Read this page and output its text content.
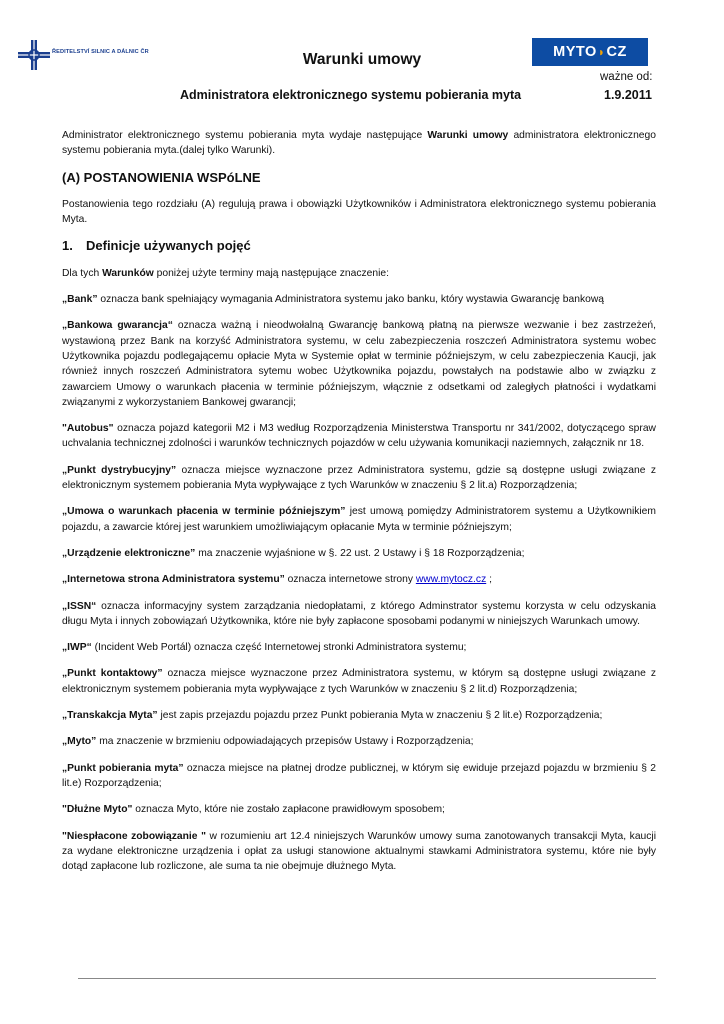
ŘEDITELSTVÍ SILNIC A DÁLNIC ČR	MYTO◗CZ
Warunki umowy
ważne od:
Administratora elektronicznego systemu pobierania myta	1.9.2011

Administrator elektronicznego systemu pobierania myta wydaje następujące Warunki umowy administratora elektronicznego systemu pobierania myta.(dalej tylko Warunki).

(A) POSTANOWIENIA WSPóLNE

Postanowienia tego rozdziału (A) regulują prawa i obowiązki Użytkowników i Administratora elektronicznego systemu pobierania Myta.

1. Definicje używanych pojęć

Dla tych Warunków poniżej użyte terminy mają następujące znaczenie:

„Bank” oznacza bank spełniający wymagania Administratora systemu jako banku, który wystawia Gwarancję bankową

„Bankowa gwarancja“ oznacza ważną i nieodwołalną Gwarancję bankową płatną na pierwsze wezwanie i bez zastrzeżeń, wystawioną przez Bank na korzyść Administratora systemu, w celu zabezpieczenia roszczeń Administratora systemu wobec Użytkownika pojazdu podlegającemu opłacie Myta w Systemie opłat w terminie późniejszym, w celu zabezpieczenia Kaucji, jak również innych roszczeń Administratora sytemu wobec Użytkownika pojazdu, powstałych na podstawie albo w związku z zawarciem Umowy o warunkach płacenia w terminie późniejszym, włącznie z odsetkami od zaległych płatności i wydatkami związanymi z wykorzystaniem Bankowej gwarancji;

"Autobus" oznacza pojazd kategorii M2 i M3 według Rozporządzenia Ministerstwa Transportu nr 341/2002, dotyczącego spraw uchvalania technicznej zdolności i warunków technicznych pojazdów w celu używania komunikacji naziemnych, załącznik nr 18.

„Punkt dystrybucyjny” oznacza miejsce wyznaczone przez Administratora systemu, gdzie są dostępne usługi związane z elektronicznym systemem pobierania Myta wypływające z tych Warunków w znaczeniu § 2 lit.a) Rozporządzenia;

„Umowa o warunkach płacenia w terminie późniejszym” jest umową pomiędzy Administratorem systemu a Użytkownikiem pojazdu, a zawarcie której jest warunkiem umożliwiającym opłacanie Myta w terminie późniejszym;

„Urządzenie elektroniczne” ma znaczenie wyjaśnione w §. 22 ust. 2 Ustawy i § 18 Rozporządzenia;

„Internetowa strona Administratora systemu” oznacza internetowe strony www.mytocz.cz ;

„ISSN“ oznacza informacyjny system zarządzania niedopłatami, z którego Adminstrator systemu korzysta w celu odzyskania długu Myta i innych zobowiązań Użytkownika, które nie były zapłacone sposobami podanymi w niniejszych Warunkach umowy.

„IWP“ (Incident Web Portál) oznacza część Internetowej stronki Administratora systemu;

„Punkt kontaktowy” oznacza miejsce wyznaczone przez Administratora systemu, w którym są dostępne usługi związane z elektronicznym systemem pobierania myta wypływające z tych Warunków w znaczeniu § 2 lit.d) Rozporządzenia;

„Transkakcja Myta” jest zapis przejazdu pojazdu przez Punkt pobierania Myta w znaczeniu § 2 lit.e) Rozporządzenia;

„Myto” ma znaczenie w brzmieniu odpowiadających przepisów Ustawy i Rozporządzenia;

„Punkt pobierania myta” oznacza miejsce na płatnej drodze publicznej, w którym się ewiduje przejazd pojazdu w brzmieniu § 2 lit.e) Rozporządzenia;

"Dłużne Myto" oznacza Myto, które nie zostało zapłacone prawidłowym sposobem;

"Niespłacone zobowiązanie " w rozumieniu art 12.4 niniejszych Warunków umowy suma zanotowanych transakcji Myta, kaucji za wydane elektroniczne urządzenia i opłat za usługi stanowione aktualnymi stawkami Administratora systemu, które nie były dotąd zapłacone lub rozliczone, ale suma ta nie obejmuje dłużnego Myta.
